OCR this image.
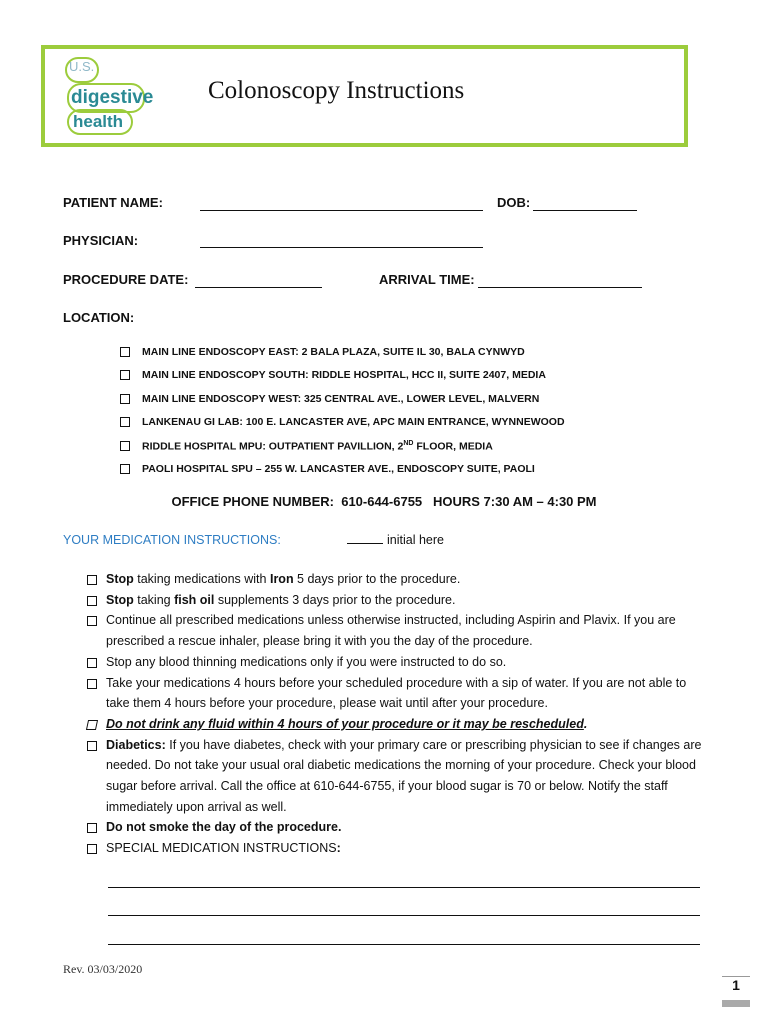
U.S.
digestive
health
Colonoscopy Instructions
PATIENT NAME:	DOB:
PHYSICIAN:
PROCEDURE DATE:	ARRIVAL TIME:
LOCATION:
MAIN LINE ENDOSCOPY EAST: 2 BALA PLAZA, SUITE IL 30, BALA CYNWYD
MAIN LINE ENDOSCOPY SOUTH: RIDDLE HOSPITAL, HCC II, SUITE 2407, MEDIA
MAIN LINE ENDOSCOPY WEST: 325 CENTRAL AVE., LOWER LEVEL, MALVERN
LANKENAU GI LAB: 100 E. LANCASTER AVE, APC MAIN ENTRANCE, WYNNEWOOD
RIDDLE HOSPITAL MPU: OUTPATIENT PAVILLION, 2ND FLOOR, MEDIA
PAOLI HOSPITAL SPU – 255 W. LANCASTER AVE., ENDOSCOPY SUITE, PAOLI
OFFICE PHONE NUMBER:  610-644-6755   HOURS 7:30 AM – 4:30 PM
YOUR MEDICATION INSTRUCTIONS:	initial here
Stop taking medications with Iron 5 days prior to the procedure.
Stop taking fish oil supplements 3 days prior to the procedure.
Continue all prescribed medications unless otherwise instructed, including Aspirin and Plavix. If you are prescribed a rescue inhaler, please bring it with you the day of the procedure.
Stop any blood thinning medications only if you were instructed to do so.
Take your medications 4 hours before your scheduled procedure with a sip of water. If you are not able to take them 4 hours before your procedure, please wait until after your procedure.
Do not drink any fluid within 4 hours of your procedure or it may be rescheduled.
Diabetics: If you have diabetes, check with your primary care or prescribing physician to see if changes are needed. Do not take your usual oral diabetic medications the morning of your procedure. Check your blood sugar before arrival. Call the office at 610-644-6755, if your blood sugar is 70 or below. Notify the staff immediately upon arrival as well.
Do not smoke the day of the procedure.
SPECIAL MEDICATION INSTRUCTIONS:
Rev. 03/03/2020
1
